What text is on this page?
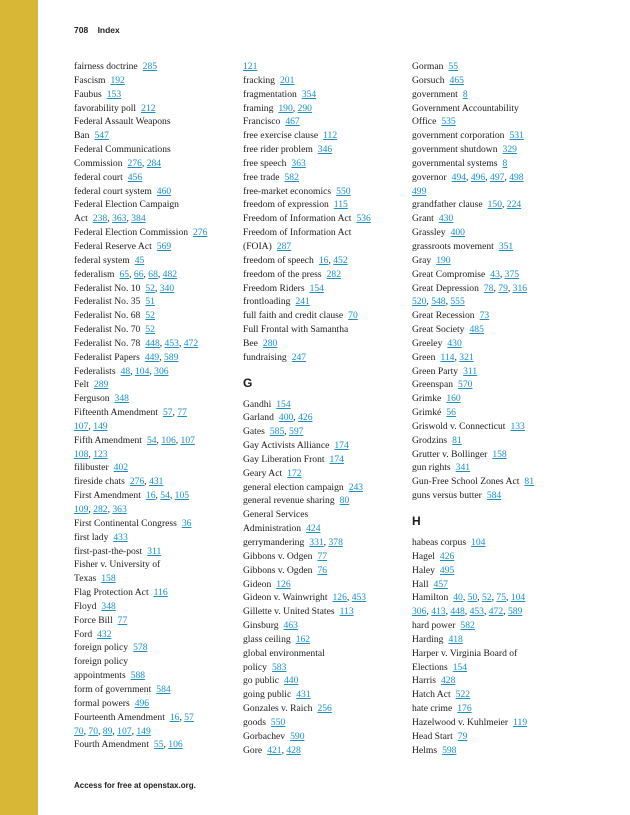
708 Index
fairness doctrine 285
Fascism 192
Faubus 153
favorability poll 212
Federal Assault Weapons
Ban 547
Federal Communications
Commission 276, 284
federal court 456
federal court system 460
Federal Election Campaign
Act 238, 363, 384
Federal Election Commission 276
Federal Reserve Act 569
federal system 45
federalism 65, 66, 68, 482
Federalist No. 10 52, 340
Federalist No. 35 51
Federalist No. 68 52
Federalist No. 70 52
Federalist No. 78 448, 453, 472
Federalist Papers 449, 589
Federalists 48, 104, 306
Felt 289
Ferguson 348
Fifteenth Amendment 57, 77
107, 149
Fifth Amendment 54, 106, 107
108, 123
filibuster 402
fireside chats 276, 431
First Amendment 16, 54, 105
109, 282, 363
First Continental Congress 36
first lady 433
first-past-the-post 311
Fisher v. University of
Texas 158
Flag Protection Act 116
Floyd 348
Force Bill 77
Ford 432
foreign policy 578
foreign policy
appointments 588
form of government 584
formal powers 496
Fourteenth Amendment 16, 57
70, 70, 89, 107, 149
Fourth Amendment 55, 106
121
fracking 201
fragmentation 354
framing 190, 290
Francisco 467
free exercise clause 112
free rider problem 346
free speech 363
free trade 582
free-market economics 550
freedom of expression 115
Freedom of Information Act 536
Freedom of Information Act
(FOIA) 287
freedom of speech 16, 452
freedom of the press 282
Freedom Riders 154
frontloading 241
full faith and credit clause 70
Full Frontal with Samantha
Bee 280
fundraising 247
G
Gandhi 154
Garland 400, 426
Gates 585, 597
Gay Activists Alliance 174
Gay Liberation Front 174
Geary Act 172
general election campaign 243
general revenue sharing 80
General Services
Administration 424
gerrymandering 331, 378
Gibbons v. Odgen 77
Gibbons v. Ogden 76
Gideon 126
Gideon v. Wainwright 126, 453
Gillette v. United States 113
Ginsburg 463
glass ceiling 162
global environmental
policy 583
go public 440
going public 431
Gonzales v. Raich 256
goods 550
Gorbachev 590
Gore 421, 428
Gorman 55
Gorsuch 465
government 8
Government Accountability
Office 535
government corporation 531
government shutdown 329
governmental systems 8
governor 494, 496, 497, 498
499
grandfather clause 150, 224
Grant 430
Grassley 400
grassroots movement 351
Gray 190
Great Compromise 43, 375
Great Depression 78, 79, 316
520, 548, 555
Great Recession 73
Great Society 485
Greeley 430
Green 114, 321
Green Party 311
Greenspan 570
Grimke 160
Grimké 56
Griswold v. Connecticut 133
Grodzins 81
Grutter v. Bollinger 158
gun rights 341
Gun-Free School Zones Act 81
guns versus butter 584
H
habeas corpus 104
Hagel 426
Haley 495
Hall 457
Hamilton 40, 50, 52, 75, 104
306, 413, 448, 453, 472, 589
hard power 582
Harding 418
Harper v. Virginia Board of
Elections 154
Harris 428
Hatch Act 522
hate crime 176
Hazelwood v. Kuhlmeier 119
Head Start 79
Helms 598
Access for free at openstax.org.
